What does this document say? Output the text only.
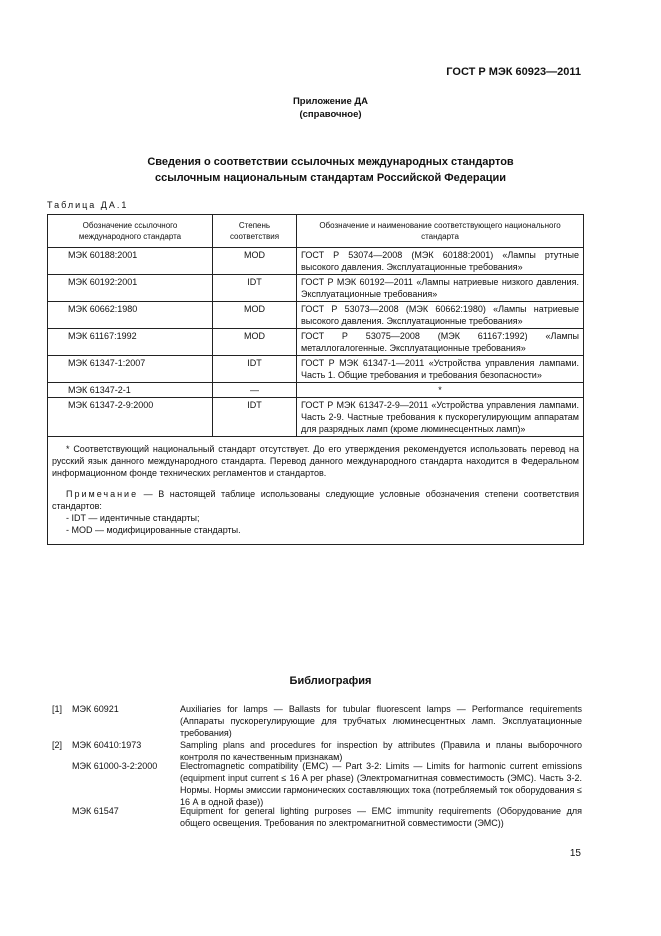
ГОСТ Р МЭК 60923—2011
Приложение ДА
(справочное)
Сведения о соответствии ссылочных международных стандартов
ссылочным национальным стандартам Российской Федерации
Таблица ДА.1
Обозначение ссылочного международного стандарта	Степень соответствия	Обозначение и наименование соответствующего национального стандарта
МЭК 60188:2001	MOD	ГОСТ Р 53074—2008 (МЭК 60188:2001) «Лампы ртутные высокого давления. Эксплуатационные требования»
МЭК 60192:2001	IDT	ГОСТ Р МЭК 60192—2011 «Лампы натриевые низкого давления. Эксплуатационные требования»
МЭК 60662:1980	MOD	ГОСТ Р 53073—2008 (МЭК 60662:1980) «Лампы натриевые высокого давления. Эксплуатационные требования»
МЭК 61167:1992	MOD	ГОСТ Р 53075—2008 (МЭК 61167:1992) «Лампы металлогалогенные. Эксплуатационные требования»
МЭК 61347-1:2007	IDT	ГОСТ Р МЭК 61347-1—2011 «Устройства управления лампами. Часть 1. Общие требования и требования безопасности»
МЭК 61347-2-1	—	*
МЭК 61347-2-9:2000	IDT	ГОСТ Р МЭК 61347-2-9—2011 «Устройства управления лампами. Часть 2-9. Частные требования к пускорегулирующим аппаратам для разрядных ламп (кроме люминесцентных ламп)»

* Соответствующий национальный стандарт отсутствует. До его утверждения рекомендуется использовать перевод на русский язык данного международного стандарта. Перевод данного международного стандарта находится в Федеральном информационном фонде технических регламентов и стандартов.

Примечание — В настоящей таблице использованы следующие условные обозначения степени соответствия стандартов:

- IDT — идентичные стандарты;

- MOD — модифицированные стандарты.		

Библиография
[1] МЭК 60921	Auxiliaries for lamps — Ballasts for tubular fluorescent lamps — Performance requirements (Аппараты пускорегулирующие для трубчатых люминесцентных ламп. Эксплуатационные требования)
[2] МЭК 60410:1973	Sampling plans and procedures for inspection by attributes (Правила и планы выборочного контроля по качественным признакам)
МЭК 61000-3-2:2000	Electromagnetic compatibility (EMC) — Part 3-2: Limits — Limits for harmonic current emissions (equipment input current ≤ 16 A per phase) (Электромагнитная совместимость (ЭМС). Часть 3-2. Нормы. Нормы эмиссии гармонических составляющих тока (потребляемый ток оборудования ≤ 16 А в одной фазе))
МЭК 61547	Equipment for general lighting purposes — EMC immunity requirements (Оборудование для общего освещения. Требования по электромагнитной совместимости (ЭМС))
15
